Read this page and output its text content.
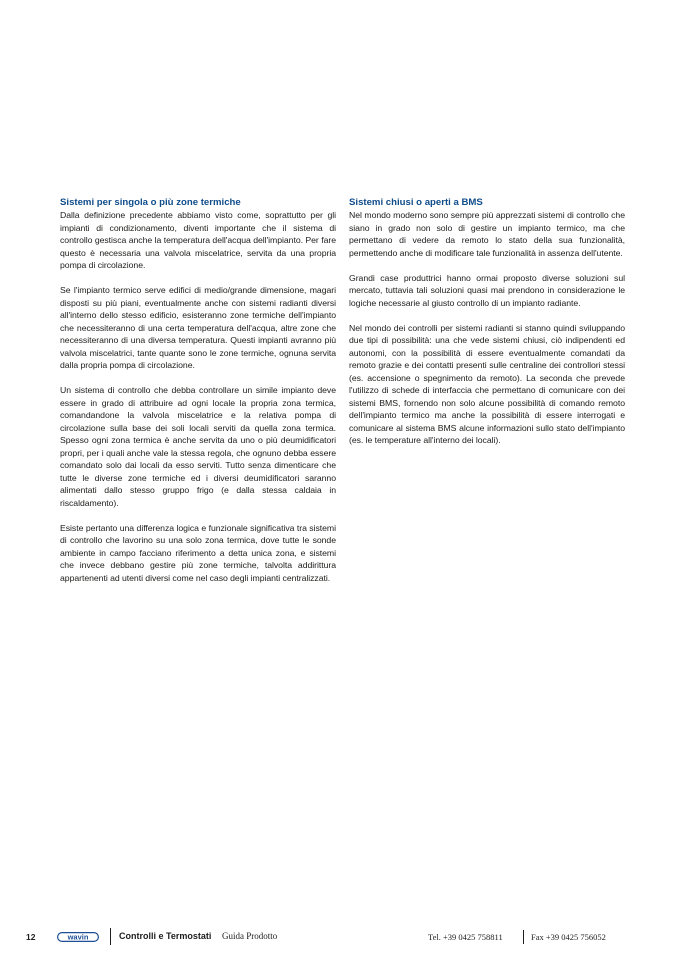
Sistemi per singola o più zone termiche

Dalla definizione precedente abbiamo visto come, soprattutto per gli impianti di condizionamento, diventi importante che il sistema di controllo gestisca anche la temperatura dell'acqua dell'impianto. Per fare questo è necessaria una valvola miscelatrice, servita da una propria pompa di circolazione.

Se l'impianto termico serve edifici di medio/grande dimensione, magari disposti su più piani, eventualmente anche con sistemi radianti diversi all'interno dello stesso edificio, esisteranno zone termiche dell'impianto che necessiteranno di una certa temperatura dell'acqua, altre zone che necessiteranno di una diversa temperatura. Questi impianti avranno più valvola miscelatrici, tante quante sono le zone termiche, ognuna servita dalla propria pompa di circolazione.

Un sistema di controllo che debba controllare un simile impianto deve essere in grado di attribuire ad ogni locale la propria zona termica, comandandone la valvola miscelatrice e la relativa pompa di circolazione sulla base dei soli locali serviti da quella zona termica. Spesso ogni zona termica è anche servita da uno o più deumidificatori propri, per i quali anche vale la stessa regola, che ognuno debba essere comandato solo dai locali da esso serviti. Tutto senza dimenticare che tutte le diverse zone termiche ed i diversi deumidificatori saranno alimentati dallo stesso gruppo frigo (e dalla stessa caldaia in riscaldamento).

Esiste pertanto una differenza logica e funzionale significativa tra sistemi di controllo che lavorino su una solo zona termica, dove tutte le sonde ambiente in campo facciano riferimento a detta unica zona, e sistemi che invece debbano gestire più zone termiche, talvolta addirittura appartenenti ad utenti diversi come nel caso degli impianti centralizzati.

Sistemi chiusi o aperti a BMS

Nel mondo moderno sono sempre più apprezzati sistemi di controllo che siano in grado non solo di gestire un impianto termico, ma che permettano di vedere da remoto lo stato della sua funzionalità, permettendo anche di modificare tale funzionalità in assenza dell'utente.

Grandi case produttrici hanno ormai proposto diverse soluzioni sul mercato, tuttavia tali soluzioni quasi mai prendono in considerazione le logiche necessarie al giusto controllo di un impianto radiante.

Nel mondo dei controlli per sistemi radianti si stanno quindi sviluppando due tipi di possibilità: una che vede sistemi chiusi, ciò indipendenti ed autonomi, con la possibilità di essere eventualmente comandati da remoto grazie e dei contatti presenti sulle centraline dei controllori stessi (es. accensione o spegnimento da remoto). La seconda che prevede l'utilizzo di schede di interfaccia che permettano di comunicare con dei sistemi BMS, fornendo non solo alcune possibilità di comando remoto dell'impianto termico ma anche la possibilità di essere interrogati e comunicare al sistema BMS alcune informazioni sullo stato dell'impianto (es. le temperature all'interno dei locali).

12	wavin	Controlli e Termostati Guida Prodotto	Tel. +39 0425 758811	Fax +39 0425 756052
